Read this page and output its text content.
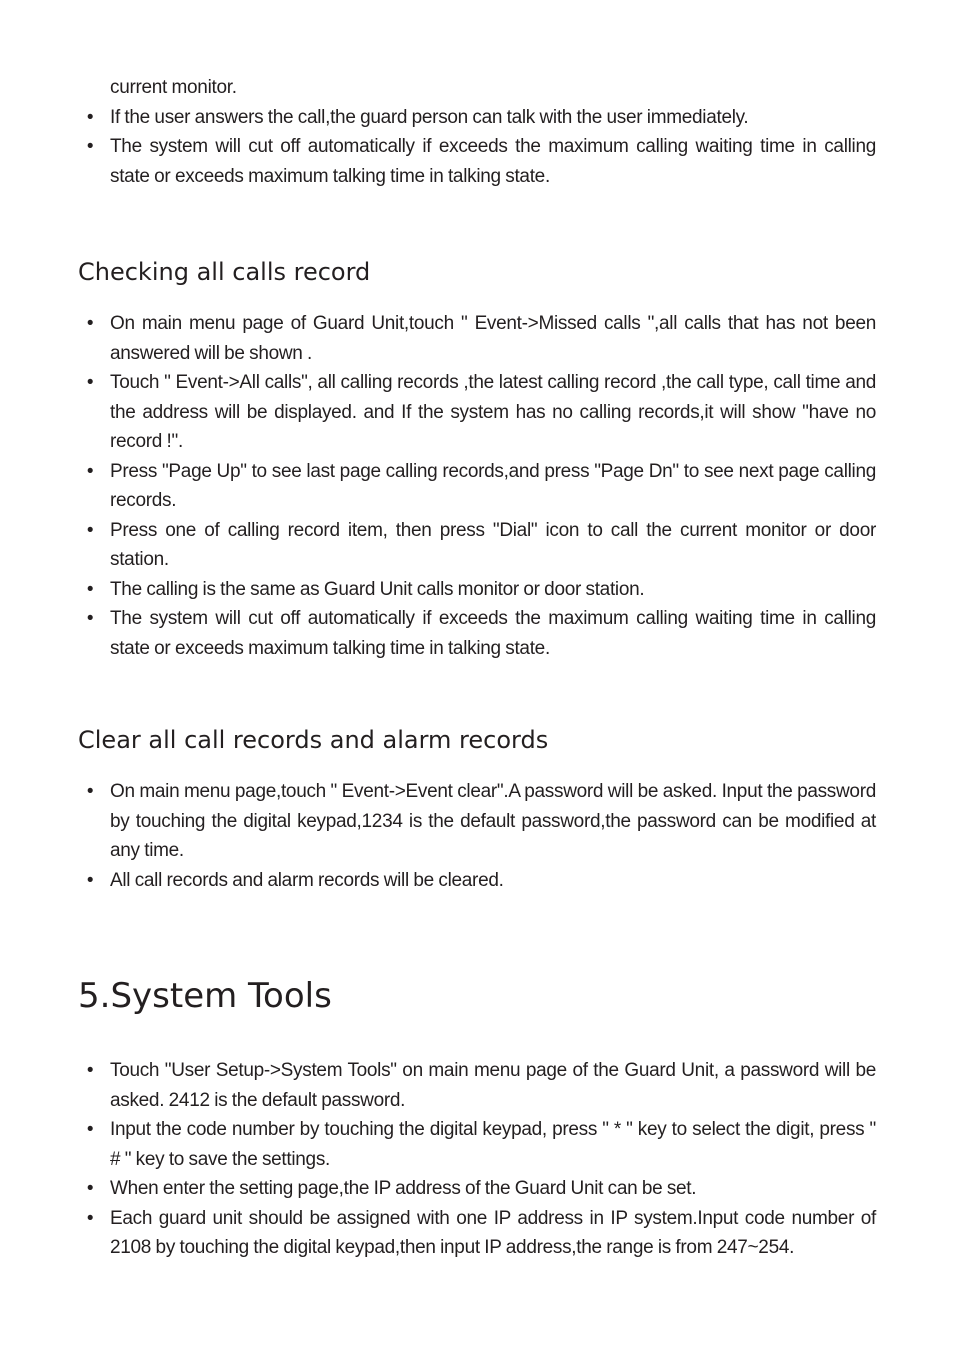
current monitor.
• If the user answers the call,the guard person can talk with the user immediately.
• The system will cut off automatically if exceeds the maximum calling waiting time in calling state or exceeds maximum talking time in talking state.
Checking all calls record
• On main menu page of Guard Unit,touch " Event->Missed calls ",all calls that has not been answered will be shown .
• Touch " Event->All calls", all calling records ,the latest calling record ,the call type, call time and the address will be displayed. and If the system has no calling records,it will show "have no record !".
• Press "Page Up" to see last page calling records,and press "Page Dn" to see next page calling records.
• Press one of calling record item, then press "Dial" icon to call the current monitor or door station.
• The calling is the same as Guard Unit calls monitor or door station.
• The system will cut off automatically if exceeds the maximum calling waiting time in calling state or exceeds maximum talking time in talking state.
Clear all call records and alarm records
• On main menu page,touch " Event->Event clear".A password will be asked. Input the password by touching the digital keypad,1234 is the default password,the password can be modified at any time.
• All call records and alarm records will be cleared.
5.System Tools
• Touch "User Setup->System Tools" on main menu page of the Guard Unit, a password will be asked. 2412 is the default password.
• Input the code number by touching the digital keypad, press " * " key to select the digit, press " # " key to save the settings.
• When enter the setting page,the IP address of the Guard Unit can be set.
• Each guard unit should be assigned with one IP address in IP system.Input code number of 2108 by touching the digital keypad,then input IP address,the range is from 247~254.
